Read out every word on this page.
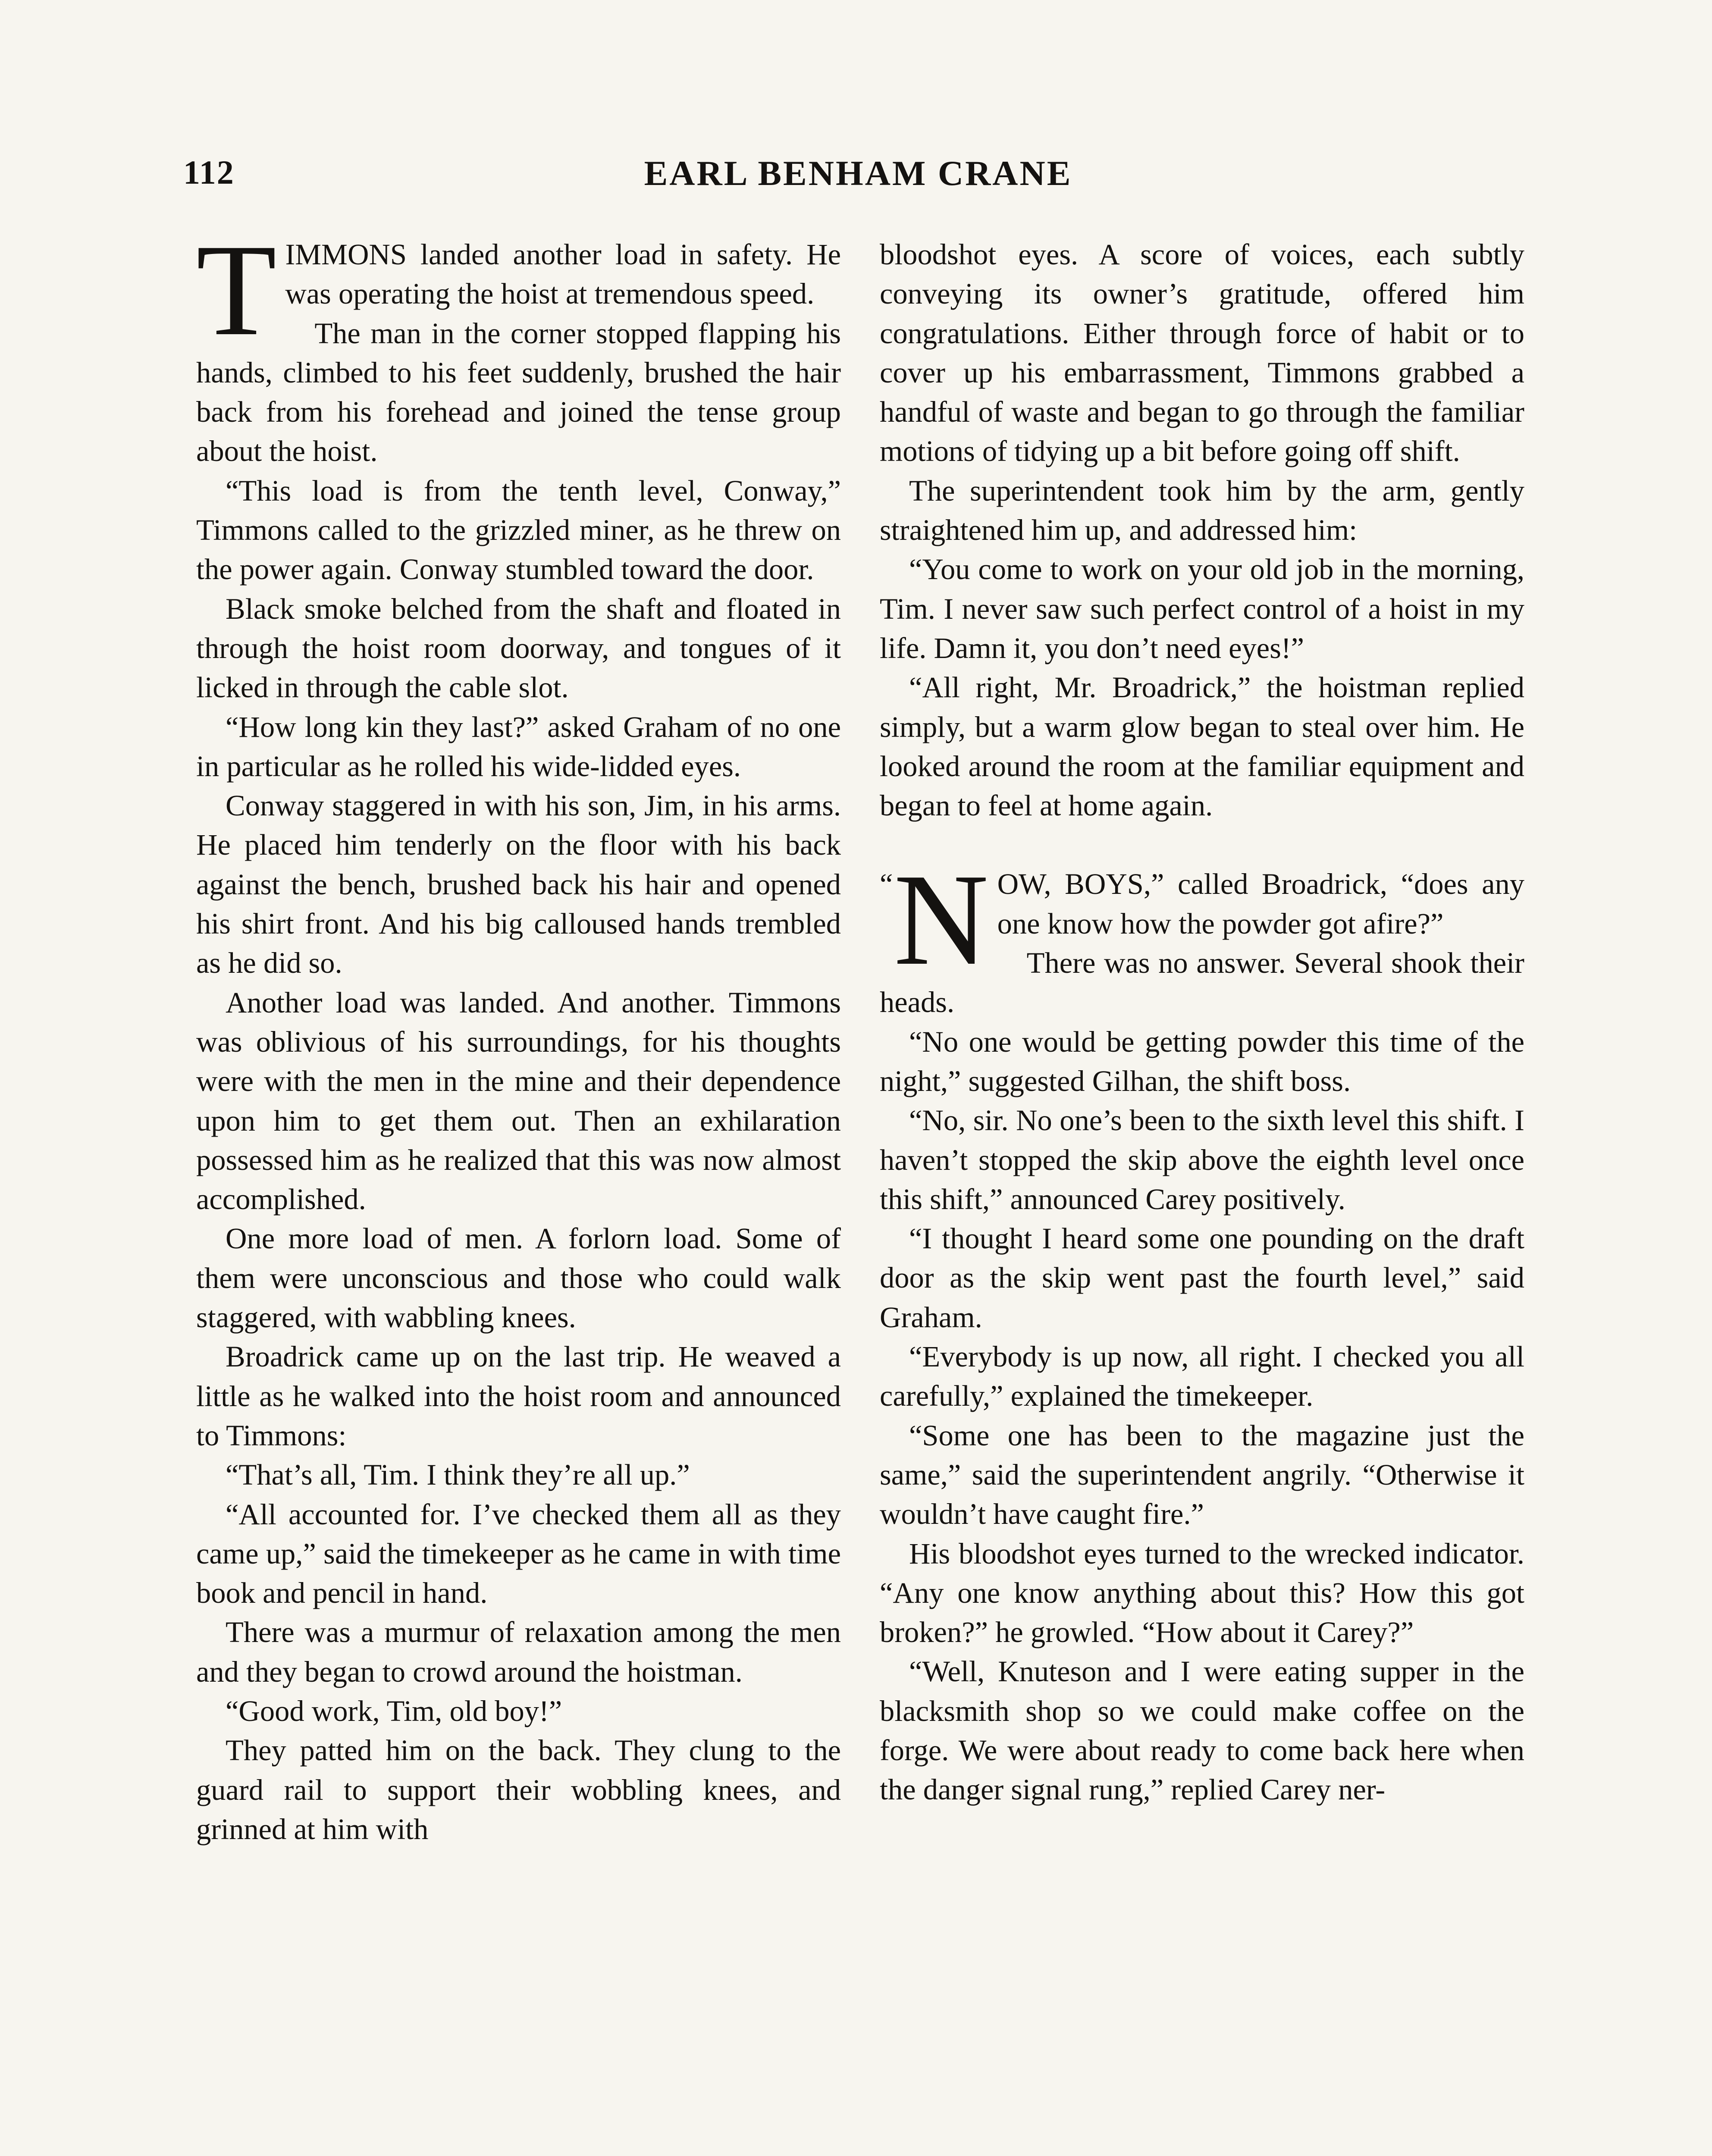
112	EARL BENHAM CRANE

TIMMONS landed another load in safety. He was operating the hoist at tremendous speed.

The man in the corner stopped flapping his hands, climbed to his feet suddenly, brushed the hair back from his forehead and joined the tense group about the hoist.

“This load is from the tenth level, Conway,” Timmons called to the grizzled miner, as he threw on the power again. Conway stumbled toward the door.

Black smoke belched from the shaft and floated in through the hoist room doorway, and tongues of it licked in through the cable slot.

“How long kin they last?” asked Graham of no one in particular as he rolled his wide-lidded eyes.

Conway staggered in with his son, Jim, in his arms. He placed him tenderly on the floor with his back against the bench, brushed back his hair and opened his shirt front. And his big calloused hands trembled as he did so.

Another load was landed. And another. Timmons was oblivious of his surroundings, for his thoughts were with the men in the mine and their dependence upon him to get them out. Then an exhilaration possessed him as he realized that this was now almost accomplished.

One more load of men. A forlorn load. Some of them were unconscious and those who could walk staggered, with wabbling knees.

Broadrick came up on the last trip. He weaved a little as he walked into the hoist room and announced to Timmons:

“That’s all, Tim. I think they’re all up.”

“All accounted for. I’ve checked them all as they came up,” said the timekeeper as he came in with time book and pencil in hand.

There was a murmur of relaxation among the men and they began to crowd around the hoistman.

“Good work, Tim, old boy!”

They patted him on the back. They clung to the guard rail to support their wobbling knees, and grinned at him with

bloodshot eyes. A score of voices, each subtly conveying its owner’s gratitude, offered him congratulations. Either through force of habit or to cover up his embarrassment, Timmons grabbed a handful of waste and began to go through the familiar motions of tidying up a bit before going off shift.

The superintendent took him by the arm, gently straightened him up, and addressed him:

“You come to work on your old job in the morning, Tim. I never saw such perfect control of a hoist in my life. Damn it, you don’t need eyes!”

“All right, Mr. Broadrick,” the hoistman replied simply, but a warm glow began to steal over him. He looked around the room at the familiar equipment and began to feel at home again.

“ N OW, BOYS,” called Broadrick, “does any one know how the powder got afire?”

There was no answer. Several shook their heads.

“No one would be getting powder this time of the night,” suggested Gilhan, the shift boss.

“No, sir. No one’s been to the sixth level this shift. I haven’t stopped the skip above the eighth level once this shift,” announced Carey positively.

“I thought I heard some one pounding on the draft door as the skip went past the fourth level,” said Graham.

“Everybody is up now, all right. I checked you all carefully,” explained the timekeeper.

“Some one has been to the magazine just the same,” said the superintendent angrily. “Otherwise it wouldn’t have caught fire.”

His bloodshot eyes turned to the wrecked indicator. “Any one know anything about this? How this got broken?” he growled. “How about it Carey?”

“Well, Knuteson and I were eating supper in the blacksmith shop so we could make coffee on the forge. We were about ready to come back here when the danger signal rung,” replied Carey ner-
